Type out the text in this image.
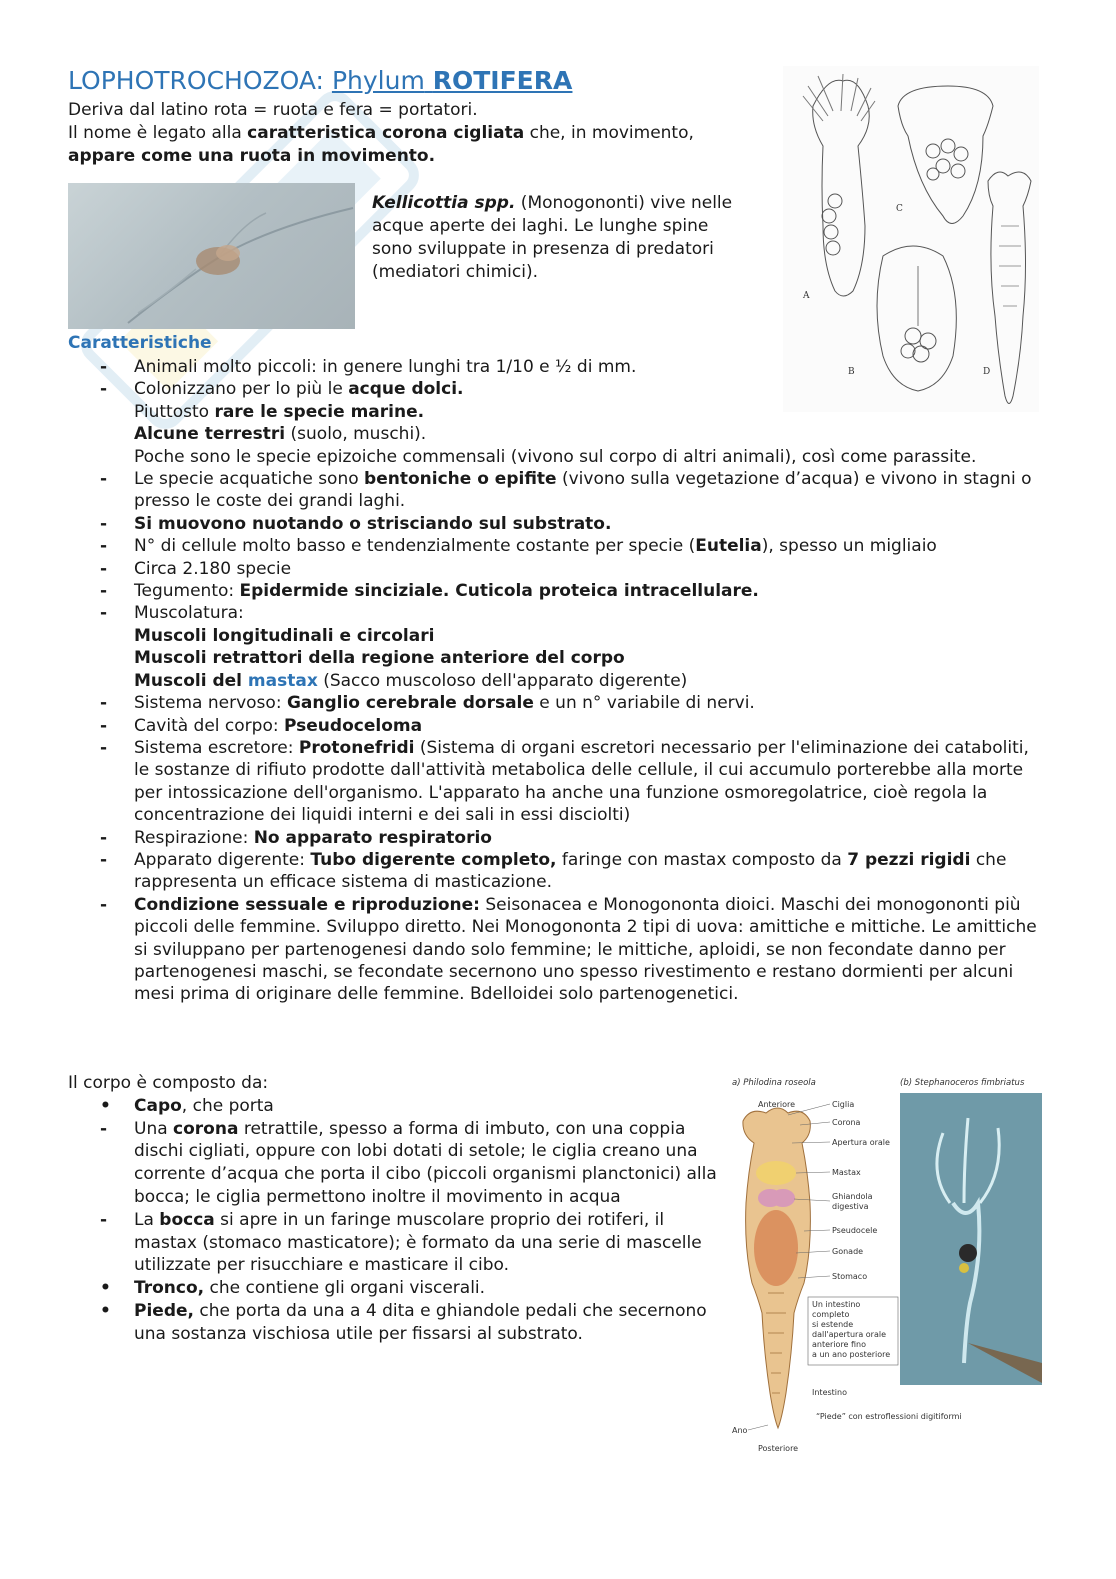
LOPHOTROCHOZOA: Phylum ROTIFERA
Deriva dal latino rota = ruota e fera = portatori.
Il nome è legato alla caratteristica corona cigliata che, in movimento,
appare come una ruota in movimento.
Kellicottia spp. (Monogononti) vive nelle acque aperte dei laghi. Le lunghe spine sono sviluppate in presenza di predatori (mediatori chimici).
A
B
C
D
Caratteristiche
- Animali molto piccoli: in genere lunghi tra 1/10 e ½ di mm.
- Colonizzano per lo più le acque dolci.
Piuttosto rare le specie marine.
Alcune terrestri (suolo, muschi).
Poche sono le specie epizoiche commensali (vivono sul corpo di altri animali), così come parassite.
- Le specie acquatiche sono bentoniche o epifite (vivono sulla vegetazione d’acqua) e vivono in stagni o presso le coste dei grandi laghi.
- Si muovono nuotando o strisciando sul substrato.
- N° di cellule molto basso e tendenzialmente costante per specie (Eutelia), spesso un migliaio
- Circa 2.180 specie
- Tegumento: Epidermide sinciziale. Cuticola proteica intracellulare.
- Muscolatura:
Muscoli longitudinali e circolari
Muscoli retrattori della regione anteriore del corpo
Muscoli del mastax (Sacco muscoloso dell'apparato digerente)
- Sistema nervoso: Ganglio cerebrale dorsale e un n° variabile di nervi.
- Cavità del corpo: Pseudoceloma
- Sistema escretore: Protonefridi (Sistema di organi escretori necessario per l'eliminazione dei cataboliti, le sostanze di rifiuto prodotte dall'attività metabolica delle cellule, il cui accumulo porterebbe alla morte per intossicazione dell'organismo. L'apparato ha anche una funzione osmoregolatrice, cioè regola la concentrazione dei liquidi interni e dei sali in essi disciolti)
- Respirazione: No apparato respiratorio
- Apparato digerente: Tubo digerente completo, faringe con mastax composto da 7 pezzi rigidi che rappresenta un efficace sistema di masticazione.
- Condizione sessuale e riproduzione: Seisonacea e Monogononta dioici. Maschi dei monogononti più piccoli delle femmine. Sviluppo diretto. Nei Monogononta 2 tipi di uova: amittiche e mittiche. Le amittiche si sviluppano per partenogenesi dando solo femmine; le mittiche, aploidi, se non fecondate danno per partenogenesi maschi, se fecondate secernono uno spesso rivestimento e restano dormienti per alcuni mesi prima di originare delle femmine. Bdelloidei solo partenogenetici.
Il corpo è composto da:
• Capo, che porta
- Una corona retrattile, spesso a forma di imbuto, con una coppia dischi cigliati, oppure con lobi dotati di setole; le ciglia creano una corrente d’acqua che porta il cibo (piccoli organismi planctonici) alla bocca; le ciglia permettono inoltre il movimento in acqua
- La bocca si apre in un faringe muscolare proprio dei rotiferi, il mastax (stomaco masticatore); è formato da una serie di mascelle utilizzate per risucchiare e masticare il cibo.
• Tronco, che contiene gli organi viscerali.
• Piede, che porta da una a 4 dita e ghiandole pedali che secernono una sostanza vischiosa utile per fissarsi al substrato.
a) Philodina roseola	(b) Stephanoceros fimbriatus
Anteriore	Ciglia
Corona
Apertura orale
Mastax
Ghiandola
digestiva
Pseudocele
Gonade
Stomaco
Un intestino
completo
si estende
dall'apertura orale
anteriore fino
a un ano posteriore
Intestino
“Piede” con estroflessioni digitiformi
Ano
Posteriore
